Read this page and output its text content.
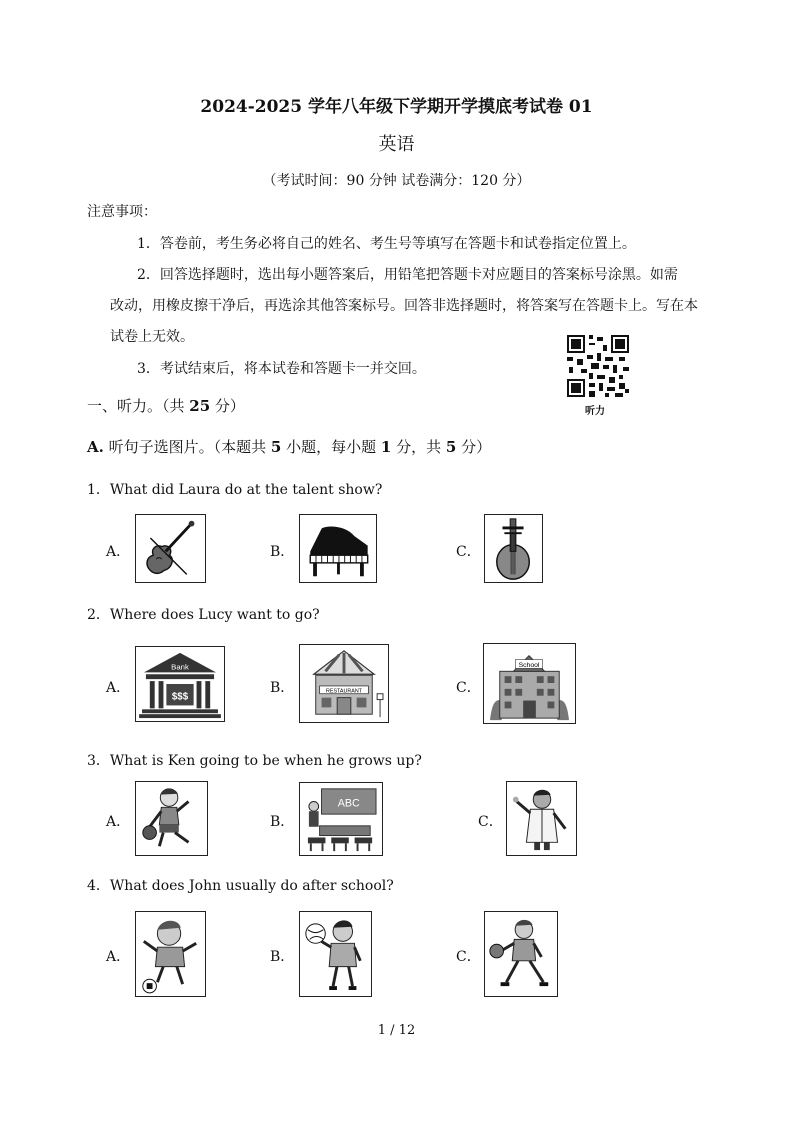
2024-2025 学年八年级下学期开学摸底考试卷 01
英语
（考试时间：90 分钟 试卷满分：120 分）
注意事项：
1．答卷前，考生务必将自己的姓名、考生号等填写在答题卡和试卷指定位置上。
2．回答选择题时，选出每小题答案后，用铅笔把答题卡对应题目的答案标号涂黑。如需
改动，用橡皮擦干净后，再选涂其他答案标号。回答非选择题时，将答案写在答题卡上。写在本
试卷上无效。
3．考试结束后，将本试卷和答题卡一并交回。
听力
一、听力。（共 25 分）
A. 听句子选图片。（本题共 5 小题，每小题 1 分，共 5 分）
1．What did Laura do at the talent show?
A．	B．	C．
2．Where does Lucy want to go?
A．
Bank
$$$
B．	RESTAURANT	C．
School
3．What is Ken going to be when he grows up?
A．	B．
ABC
C．
4．What does John usually do after school?
A．	B．	C．
1 / 12
